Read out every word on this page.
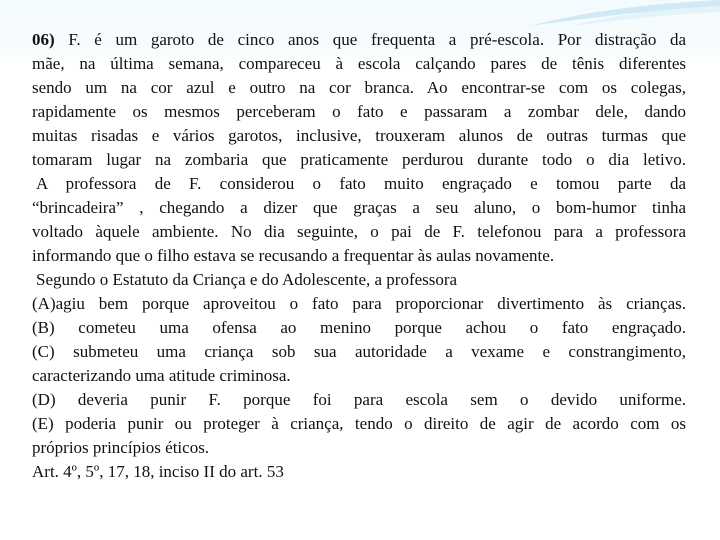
06) F. é um garoto de cinco anos que frequenta a pré-escola. Por distração da

mãe, na última semana, compareceu à escola calçando pares de tênis diferentes

sendo um na cor azul e outro na cor branca. Ao encontrar-se com os colegas,

rapidamente os mesmos perceberam o fato e passaram a zombar dele, dando

muitas risadas e vários garotos, inclusive, trouxeram alunos de outras turmas que

tomaram lugar na zombaria que praticamente perdurou durante todo o dia letivo.

A professora de F. considerou o fato muito engraçado e tomou parte da

“brincadeira” , chegando a dizer que graças a seu aluno, o bom-humor tinha

voltado àquele ambiente. No dia seguinte, o pai de F. telefonou para a professora

informando que o filho estava se recusando a frequentar às aulas novamente.

Segundo o Estatuto da Criança e do Adolescente, a professora

(A)agiu bem porque aproveitou o fato para proporcionar divertimento às crianças.

(B) cometeu uma ofensa ao menino porque achou o fato engraçado.

(C) submeteu uma criança sob sua autoridade a vexame e constrangimento,

caracterizando uma atitude criminosa.

(D) deveria punir F. porque foi para escola sem o devido uniforme.

(E) poderia punir ou proteger à criança, tendo o direito de agir de acordo com os

próprios princípios éticos.

Art. 4º, 5º, 17, 18, inciso II do art. 53
